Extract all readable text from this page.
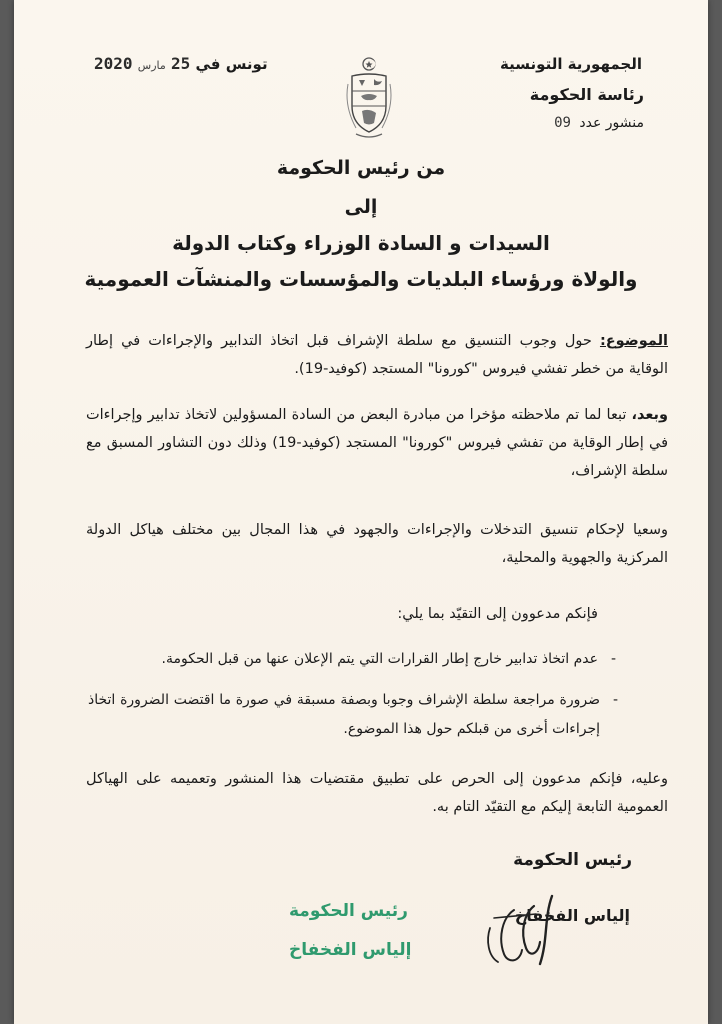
الجمهورية التونسية
رئاسة الحكومة
منشور عدد 09
تونس في 25 مارس 2020
من رئيس الحكومة
إلى
السيدات و السادة الوزراء وكتاب الدولة
والولاة ورؤساء البلديات والمؤسسات والمنشآت العمومية
الموضوع: حول وجوب التنسيق مع سلطة الإشراف قبل اتخاذ التدابير والإجراءات في إطار الوقاية من خطر تفشي فيروس "كورونا" المستجد (كوفيد-19).
وبعد، تبعا لما تم ملاحظته مؤخرا من مبادرة البعض من السادة المسؤولين لاتخاذ تدابير وإجراءات في إطار الوقاية من تفشي فيروس "كورونا" المستجد (كوفيد-19) وذلك دون التشاور المسبق مع سلطة الإشراف،
وسعيا لإحكام تنسيق التدخلات والإجراءات والجهود في هذا المجال بين مختلف هياكل الدولة المركزية والجهوية والمحلية،
فإنكم مدعوون إلى التقيّد بما يلي:
-
عدم اتخاذ تدابير خارج إطار القرارات التي يتم الإعلان عنها من قبل الحكومة.
-
ضرورة مراجعة سلطة الإشراف وجوبا وبصفة مسبقة في صورة ما اقتضت الضرورة اتخاذ إجراءات أخرى من قبلكم حول هذا الموضوع.
وعليه، فإنكم مدعوون إلى الحرص على تطبيق مقتضيات هذا المنشور وتعميمه على الهياكل العمومية التابعة إليكم مع التقيّد التام به.
رئيس الحكومة
إلياس الفخفاخ
رئيس الحكومة
إلياس الفخفاخ
